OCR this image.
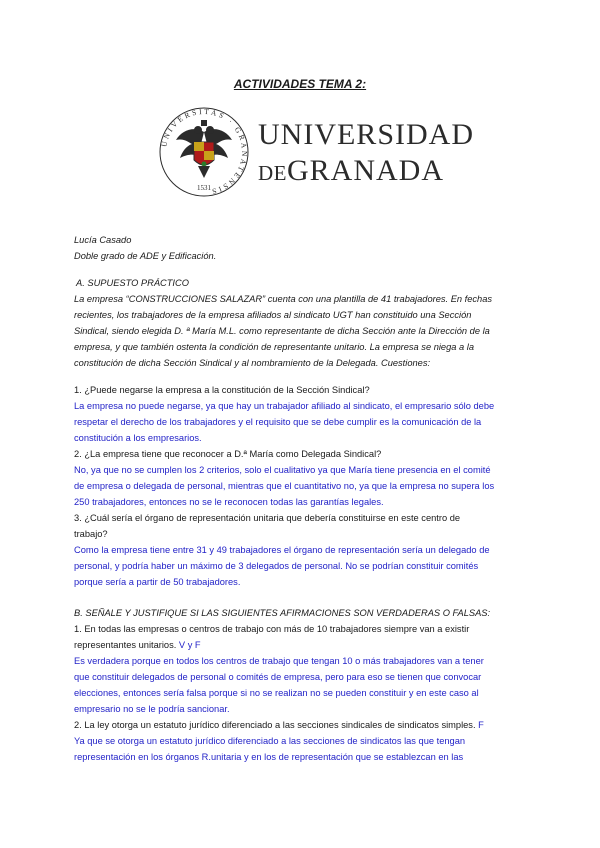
ACTIVIDADES TEMA 2:
UNIVERSITAS · GRANATENSIS
1531
UNIVERSIDAD
DEGRANADA
Lucía Casado
Doble grado de ADE y Edificación.
A. SUPUESTO PRÁCTICO
La empresa “CONSTRUCCIONES SALAZAR” cuenta con una plantilla de 41 trabajadores. En fechas
recientes, los trabajadores de la empresa afiliados al sindicato UGT han constituido una Sección
Sindical, siendo elegida D. ª María M.L. como representante de dicha Sección ante la Dirección de la
empresa, y que también ostenta la condición de representante unitario. La empresa se niega a la
constitución de dicha Sección Sindical y al nombramiento de la Delegada. Cuestiones:
1. ¿Puede negarse la empresa a la constitución de la Sección Sindical?
La empresa no puede negarse, ya que hay un trabajador afiliado al sindicato, el empresario sólo debe
respetar el derecho de los trabajadores y el requisito que se debe cumplir es la comunicación de la
constitución a los empresarios.
2. ¿La empresa tiene que reconocer a D.ª María como Delegada Sindical?
No, ya que no se cumplen los 2 criterios, solo el cualitativo ya que María tiene presencia en el comité
de empresa o delegada de personal, mientras que el cuantitativo no, ya que la empresa no supera los
250 trabajadores, entonces no se le reconocen todas las garantías legales.
3. ¿Cuál sería el órgano de representación unitaria que debería constituirse en este centro de
trabajo?
Como la empresa tiene entre 31 y 49 trabajadores el órgano de representación sería un delegado de
personal, y podría haber un máximo de 3 delegados de personal. No se podrían constituir comités
porque sería a partir de 50 trabajadores.
B. SEÑALE Y JUSTIFIQUE SI LAS SIGUIENTES AFIRMACIONES SON VERDADERAS O FALSAS:
1. En todas las empresas o centros de trabajo con más de 10 trabajadores siempre van a existir
representantes unitarios. V y F
Es verdadera porque en todos los centros de trabajo que tengan 10 o más trabajadores van a tener
que constituir delegados de personal o comités de empresa, pero para eso se tienen que convocar
elecciones, entonces sería falsa porque si no se realizan no se pueden constituir y en este caso al
empresario no se le podría sancionar.
2. La ley otorga un estatuto jurídico diferenciado a las secciones sindicales de sindicatos simples. F
Ya que se otorga un estatuto jurídico diferenciado a las secciones de sindicatos las que tengan
representación en los órganos R.unitaria y en los de representación que se establezcan en las
